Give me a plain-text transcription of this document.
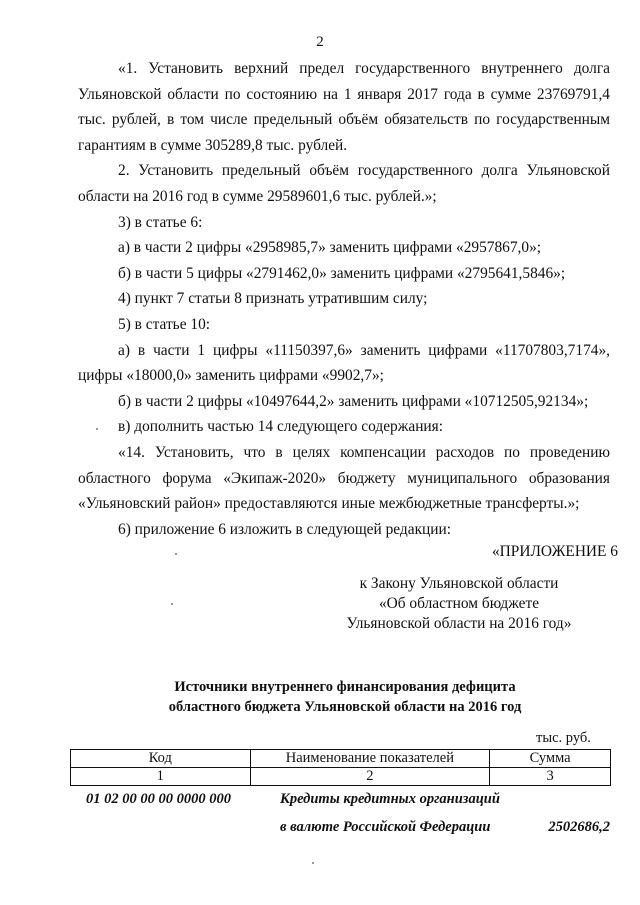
2

«1. Установить верхний предел государственного внутреннего долга Ульяновской области по состоянию на 1 января 2017 года в сумме 23769791,4 тыс. рублей, в том числе предельный объём обязательств по государственным гарантиям в сумме 305289,8 тыс. рублей.

2. Установить предельный объём государственного долга Ульяновской области на 2016 год в сумме 29589601,6 тыс. рублей.»;

3) в статье 6:

а) в части 2 цифры «2958985,7» заменить цифрами «2957867,0»;

б) в части 5 цифры «2791462,0» заменить цифрами «2795641,5846»;

4) пункт 7 статьи 8 признать утратившим силу;

5) в статье 10:

а) в части 1 цифры «11150397,6» заменить цифрами «11707803,7174», цифры «18000,0» заменить цифрами «9902,7»;

б) в части 2 цифры «10497644,2» заменить цифрами «10712505,92134»;

в) дополнить частью 14 следующего содержания:

«14. Установить, что в целях компенсации расходов по проведению областного форума «Экипаж-2020» бюджету муниципального образования «Ульяновский район» предоставляются иные межбюджетные трансферты.»;

6) приложение 6 изложить в следующей редакции:

«ПРИЛОЖЕНИЕ 6
к Закону Ульяновской области
«Об областном бюджете
Ульяновской области на 2016 год»
Источники внутреннего финансирования дефицита
областного бюджета Ульяновской области на 2016 год
тыс. руб.
Код	Наименование показателей	Сумма
1	2	3
01 02 00 00 00 0000 000	Кредиты кредитных организаций
в валюте Российской Федерации	2502686,2
